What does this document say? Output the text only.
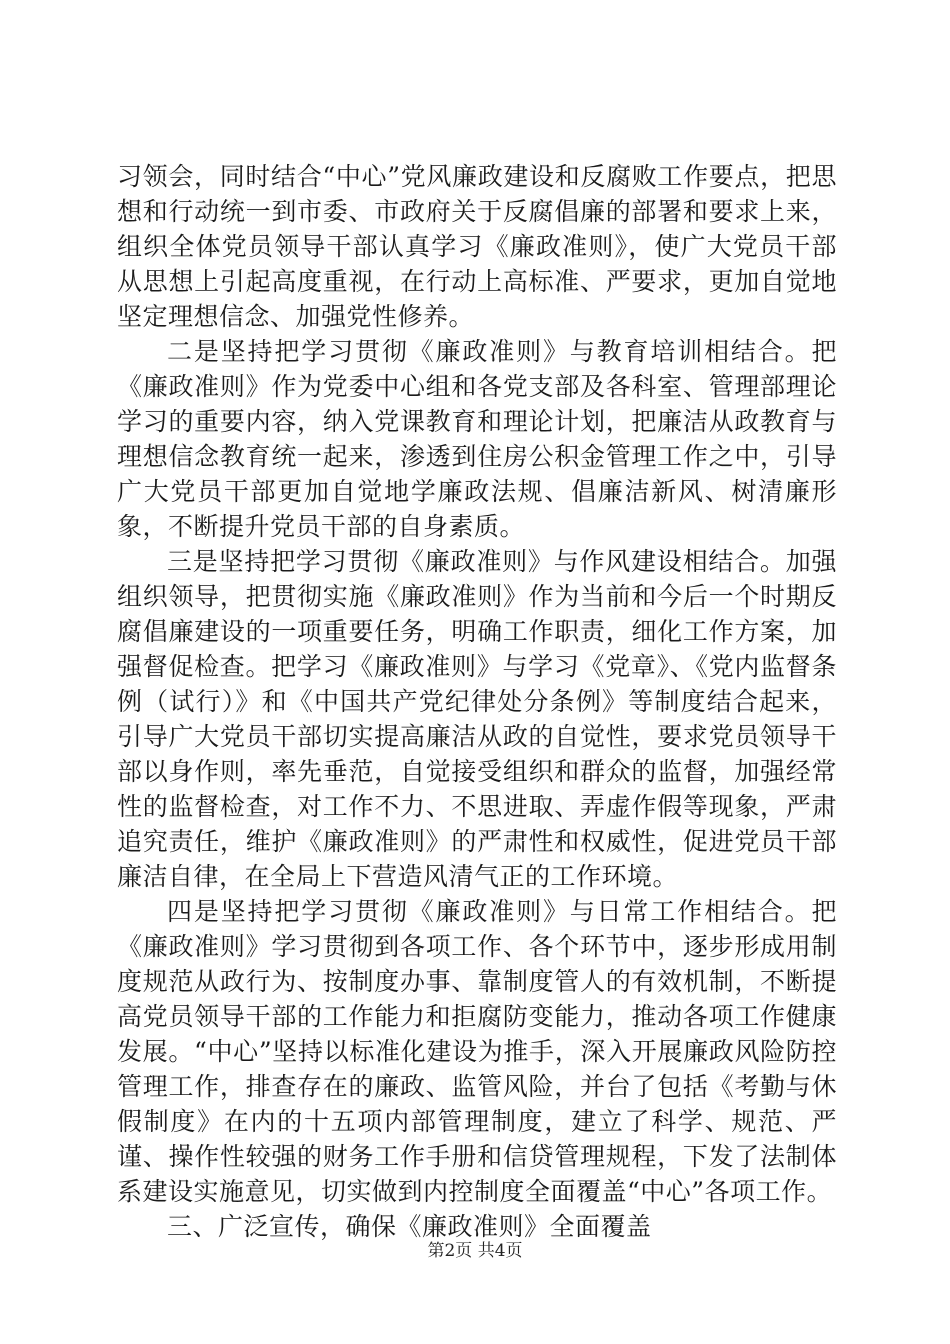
习领会，同时结合“中心”党风廉政建设和反腐败工作要点，把思想和行动统一到市委、市政府关于反腐倡廉的部署和要求上来，组织全体党员领导干部认真学习《廉政准则》，使广大党员干部从思想上引起高度重视，在行动上高标准、严要求，更加自觉地坚定理想信念、加强党性修养。

二是坚持把学习贯彻《廉政准则》与教育培训相结合。把《廉政准则》作为党委中心组和各党支部及各科室、管理部理论学习的重要内容，纳入党课教育和理论计划，把廉洁从政教育与理想信念教育统一起来，渗透到住房公积金管理工作之中，引导广大党员干部更加自觉地学廉政法规、倡廉洁新风、树清廉形象，不断提升党员干部的自身素质。

三是坚持把学习贯彻《廉政准则》与作风建设相结合。加强组织领导，把贯彻实施《廉政准则》作为当前和今后一个时期反腐倡廉建设的一项重要任务，明确工作职责，细化工作方案，加强督促检查。把学习《廉政准则》与学习《党章》、《党内监督条例（试行）》和《中国共产党纪律处分条例》等制度结合起来，引导广大党员干部切实提高廉洁从政的自觉性，要求党员领导干部以身作则，率先垂范，自觉接受组织和群众的监督，加强经常性的监督检查，对工作不力、不思进取、弄虚作假等现象，严肃追究责任，维护《廉政准则》的严肃性和权威性，促进党员干部廉洁自律，在全局上下营造风清气正的工作环境。

四是坚持把学习贯彻《廉政准则》与日常工作相结合。把《廉政准则》学习贯彻到各项工作、各个环节中，逐步形成用制度规范从政行为、按制度办事、靠制度管人的有效机制，不断提高党员领导干部的工作能力和拒腐防变能力，推动各项工作健康发展。“中心”坚持以标准化建设为推手，深入开展廉政风险防控管理工作，排查存在的廉政、监管风险，并台了包括《考勤与休假制度》在内的十五项内部管理制度，建立了科学、规范、严谨、操作性较强的财务工作手册和信贷管理规程，下发了法制体系建设实施意见，切实做到内控制度全面覆盖“中心”各项工作。

三、广泛宣传，确保《廉政准则》全面覆盖

第2页 共4页
